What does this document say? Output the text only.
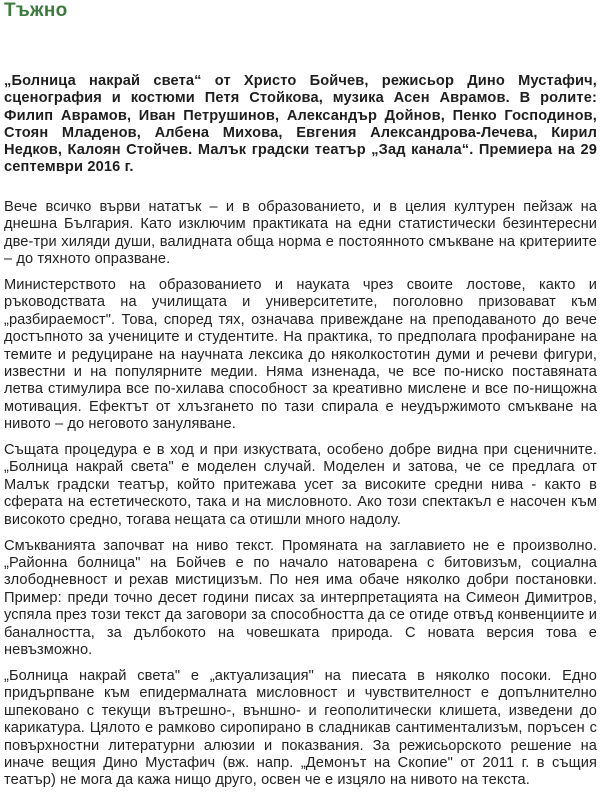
Тъжно

„Болница накрай света“ от Христо Бойчев, режисьор Дино Мустафич, сценография и костюми Петя Стойкова, музика Асен Аврамов. В ролите: Филип Аврамов, Иван Петрушинов, Александър Дойнов, Пенко Господинов, Стоян Младенов, Албена Михова, Евгения Александрова-Лечева, Кирил Недков, Калоян Стойчев. Малък градски театър „Зад канала“. Премиера на 29 септември 2016 г.

Вече всичко върви нататък – и в образованието, и в целия културен пейзаж на днешна България. Като изключим практиката на едни статистически безинтересни две-три хиляди души, валидната обща норма е постоянното смъкване на критериите – до тяхното опразване.

Министерството на образованието и науката чрез своите лостове, както и ръководствата на училищата и университетите, поголовно призовават към „разбираемост". Това, според тях, означава привеждане на преподаваното до вече достъпното за учениците и студентите. На практика, то предполага профаниране на темите и редуциране на научната лексика до няколкостотин думи и речеви фигури, известни и на популярните медии. Няма изненада, че все по-ниско поставяната летва стимулира все по-хилава способност за креативно мислене и все по-нищожна мотивация. Ефектът от хлъзгането по тази спирала е неудържимото смъкване на нивото – до неговото зануляване.

Същата процедура е в ход и при изкуствата, особено добре видна при сценичните. „Болница накрай света" е моделен случай. Моделен и затова, че се предлага от Малък градски театър, който притежава усет за високите средни нива - както в сферата на естетическото, така и на мисловното. Ако този спектакъл е насочен към високото средно, тогава нещата са отишли много надолу.

Смъкванията започват на ниво текст. Промяната на заглавието не е произволно. „Районна болница" на Бойчев е по начало натоварена с битовизъм, социална злободневност и рехав мистицизъм. По нея има обаче няколко добри постановки. Пример: преди точно десет години писах за интерпретацията на Симеон Димитров, успяла през този текст да заговори за способността да се отиде отвъд конвенциите и баналността, за дълбокото на човешката природа. С новата версия това е невъзможно.

„Болница накрай света" е „актуализация" на пиесата в няколко посоки. Едно придърпване към епидермалната мисловност и чувствителност е допълнително шпековано с текущи вътрешно-, външно- и геополитически клишета, изведени до карикатура. Цялото е рамково сиропирано в сладникав сантиментализъм, поръсен с повърхностни литературни алюзии и показвания. За режисьорското решение на иначе вещия Дино Мустафич (вж. напр. „Демонът на Скопие" от 2011 г. в същия театър) не мога да кажа нищо друго, освен че е изцяло на нивото на текста.
